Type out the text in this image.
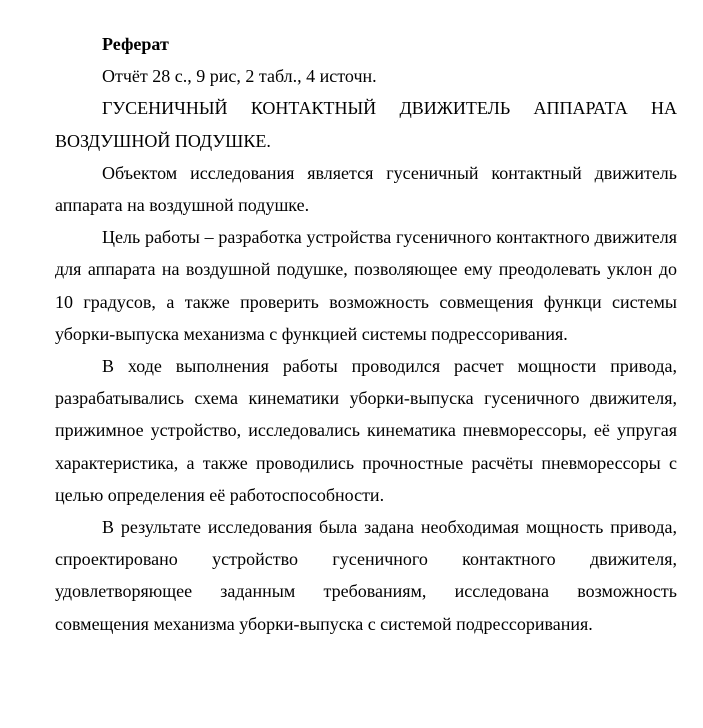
Реферат

Отчёт 28 с., 9 рис, 2 табл., 4 источн.

ГУСЕНИЧНЫЙ КОНТАКТНЫЙ ДВИЖИТЕЛЬ АППАРАТА НА ВОЗДУШНОЙ ПОДУШКЕ.

Объектом исследования является гусеничный контактный движитель аппарата на воздушной подушке.

Цель работы – разработка устройства гусеничного контактного движителя для аппарата на воздушной подушке, позволяющее ему преодолевать уклон до 10 градусов, а также проверить возможность совмещения функци системы уборки-выпуска механизма с функцией системы подрессоривания.

В ходе выполнения работы проводился расчет мощности привода, разрабатывались схема кинематики уборки-выпуска гусеничного движителя, прижимное устройство, исследовались кинематика пневморессоры, её упругая характеристика, а также проводились прочностные расчёты пневморессоры с целью определения её работоспособности.

В результате исследования была задана необходимая мощность привода, спроектировано устройство гусеничного контактного движителя, удовлетворяющее заданным требованиям, исследована возможность совмещения механизма уборки-выпуска с системой подрессоривания.
